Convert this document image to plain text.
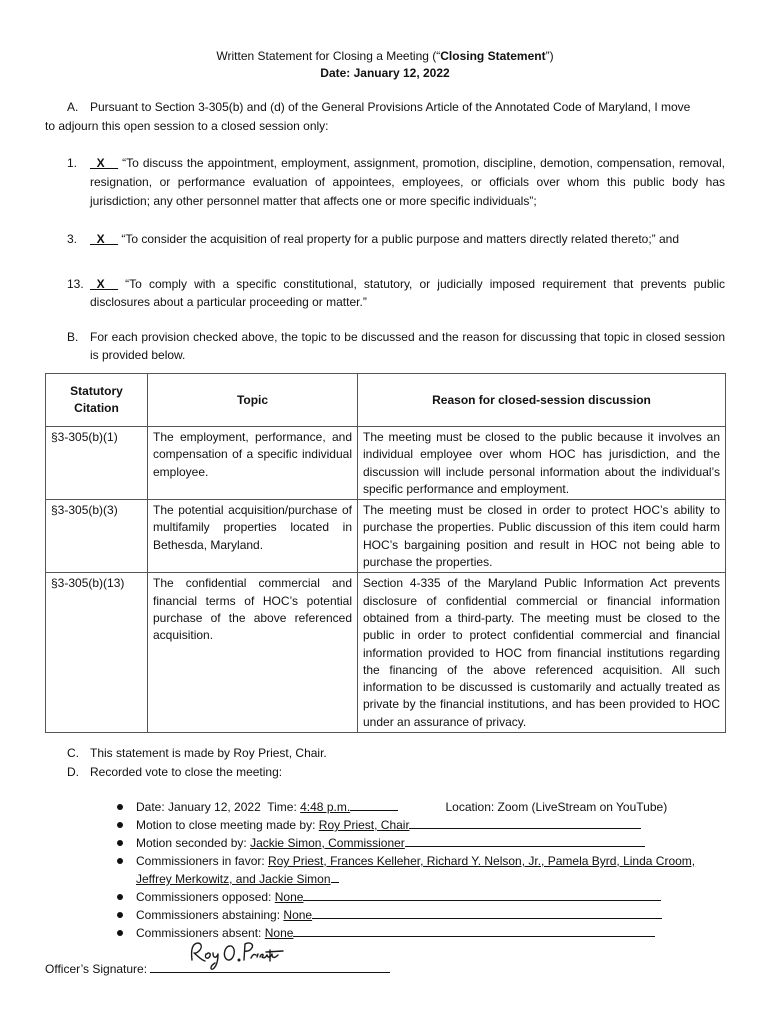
Written Statement for Closing a Meeting (“Closing Statement”)
Date: January 12, 2022
A. Pursuant to Section 3-305(b) and (d) of the General Provisions Article of the Annotated Code of Maryland, I move
to adjourn this open session to a closed session only:
1. _X__ “To discuss the appointment, employment, assignment, promotion, discipline, demotion, compensation, removal, resignation, or performance evaluation of appointees, employees, or officials over whom this public body has jurisdiction; any other personnel matter that affects one or more specific individuals”;
3. _X__ “To consider the acquisition of real property for a public purpose and matters directly related thereto;” and
13. _X__ “To comply with a specific constitutional, statutory, or judicially imposed requirement that prevents public disclosures about a particular proceeding or matter.”
B. For each provision checked above, the topic to be discussed and the reason for discussing that topic in closed session is provided below.
Statutory Citation	Topic	Reason for closed-session discussion
§3-305(b)(1)	The employment, performance, and compensation of a specific individual employee.	The meeting must be closed to the public because it involves an individual employee over whom HOC has jurisdiction, and the discussion will include personal information about the individual’s specific performance and employment.
§3-305(b)(3)	The potential acquisition/purchase of multifamily properties located in Bethesda, Maryland.	The meeting must be closed in order to protect HOC’s ability to purchase the properties. Public discussion of this item could harm HOC’s bargaining position and result in HOC not being able to purchase the properties.
§3-305(b)(13)	The confidential commercial and financial terms of HOC’s potential purchase of the above referenced acquisition.	Section 4-335 of the Maryland Public Information Act prevents disclosure of confidential commercial or financial information obtained from a third-party. The meeting must be closed to the public in order to protect confidential commercial and financial information provided to HOC from financial institutions regarding the financing of the above referenced acquisition. All such information to be discussed is customarily and actually treated as private by the financial institutions, and has been provided to HOC under an assurance of privacy.
C. This statement is made by Roy Priest, Chair.
D. Recorded vote to close the meeting:
Date: January 12, 2022 Time: 4:48 p.m.	Location: Zoom (LiveStream on YouTube)
Motion to close meeting made by: Roy Priest, Chair
Motion seconded by: Jackie Simon, Commissioner
Commissioners in favor: Roy Priest, Frances Kelleher, Richard Y. Nelson, Jr., Pamela Byrd, Linda Croom,
Jeffrey Merkowitz, and Jackie Simon
Commissioners opposed: None
Commissioners abstaining: None
Commissioners absent: None
Officer’s Signature:
